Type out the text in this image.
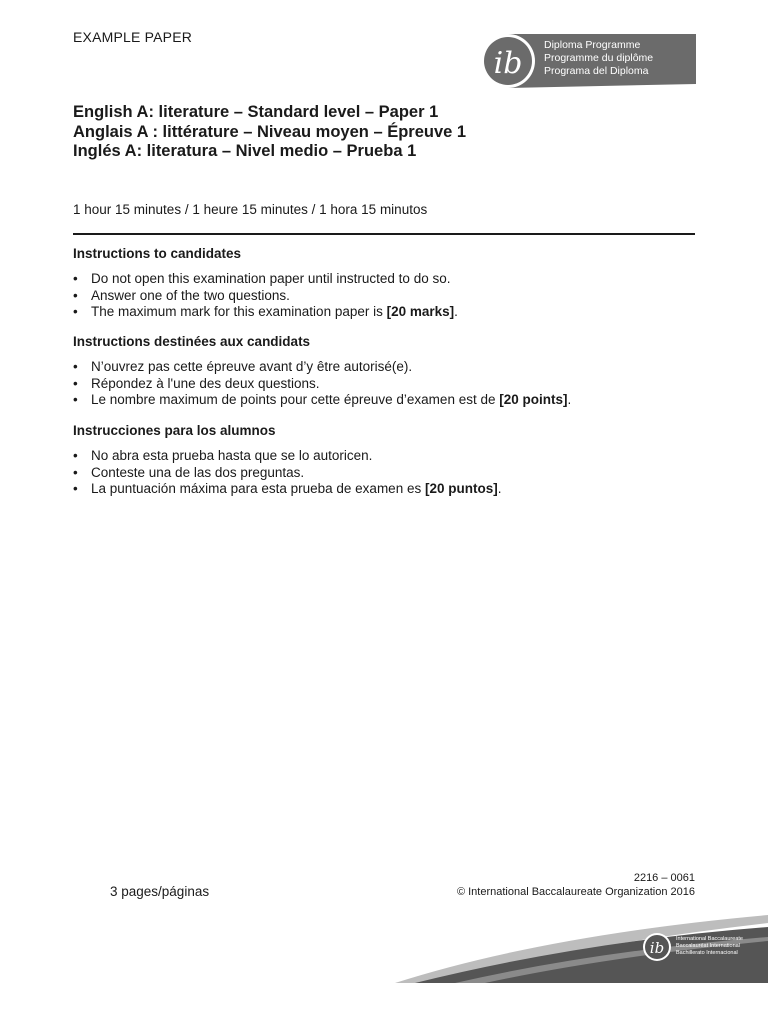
EXAMPLE PAPER
ib
Diploma Programme
Programme du diplôme
Programa del Diploma
English A: literature – Standard level – Paper 1
Anglais A : littérature – Niveau moyen – Épreuve 1
Inglés A: literatura – Nivel medio – Prueba 1
1 hour 15 minutes / 1 heure 15 minutes / 1 hora 15 minutos
Instructions to candidates
• Do not open this examination paper until instructed to do so.
• Answer one of the two questions.
• The maximum mark for this examination paper is [20 marks].
Instructions destinées aux candidats
• N’ouvrez pas cette épreuve avant d’y être autorisé(e).
• Répondez à l'une des deux questions.
• Le nombre maximum de points pour cette épreuve d’examen est de [20 points].
Instrucciones para los alumnos
• No abra esta prueba hasta que se lo autoricen.
• Conteste una de las dos preguntas.
• La puntuación máxima para esta prueba de examen es [20 puntos].
3 pages/páginas
2216 – 0061
© International Baccalaureate Organization 2016
ib International Baccalaureate
Baccalauréat International
Bachillerato Internacional
